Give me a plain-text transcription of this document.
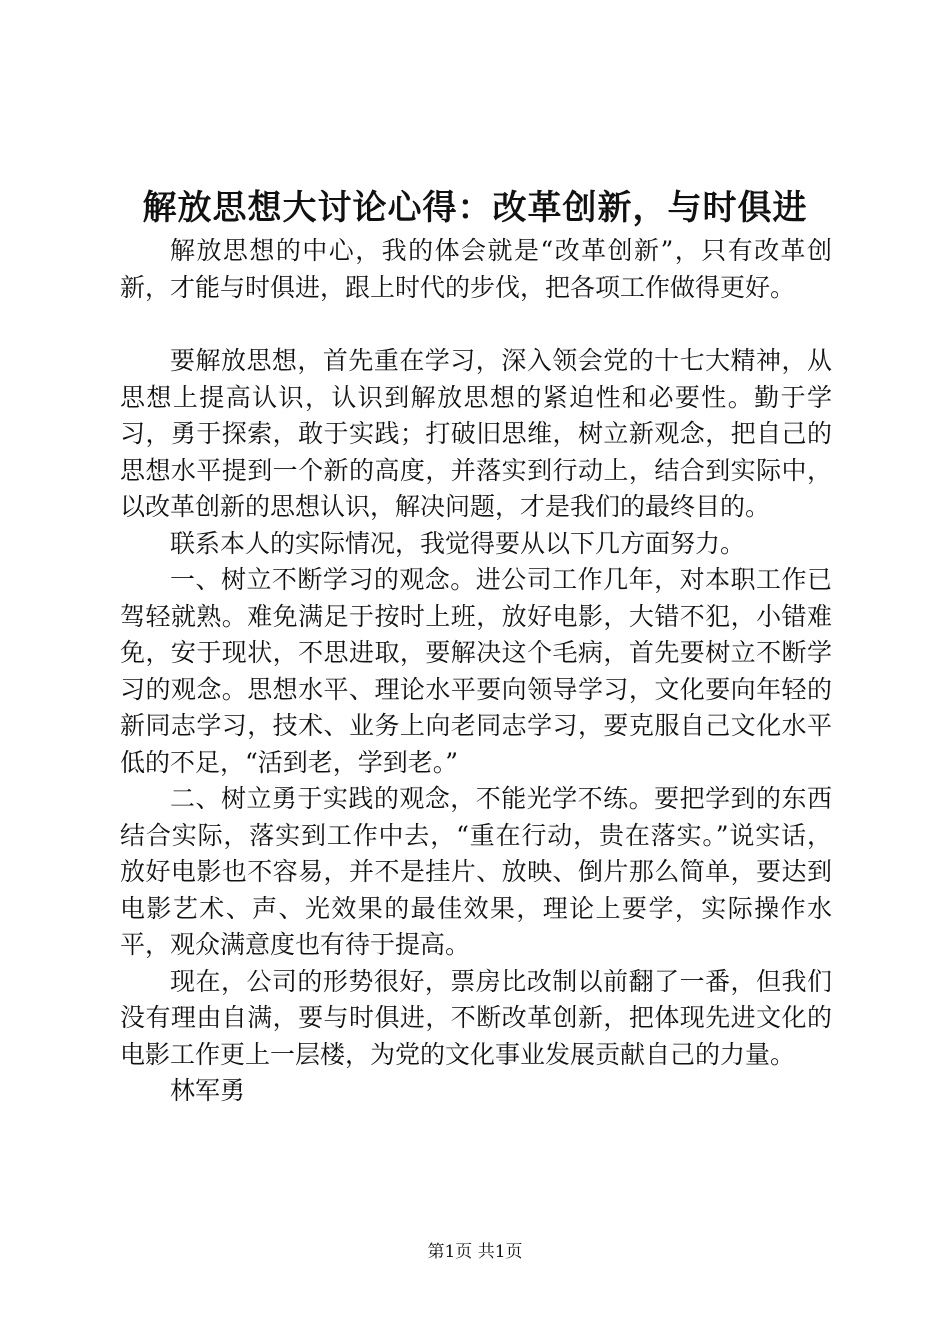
解放思想大讨论心得：改革创新，与时俱进

解放思想的中心，我的体会就是“改革创新”，只有改革创新，才能与时俱进，跟上时代的步伐，把各项工作做得更好。

要解放思想，首先重在学习，深入领会党的十七大精神，从思想上提高认识，认识到解放思想的紧迫性和必要性。勤于学习，勇于探索，敢于实践；打破旧思维，树立新观念，把自己的思想水平提到一个新的高度，并落实到行动上，结合到实际中，以改革创新的思想认识，解决问题，才是我们的最终目的。

联系本人的实际情况，我觉得要从以下几方面努力。

一、树立不断学习的观念。进公司工作几年，对本职工作已驾轻就熟。难免满足于按时上班，放好电影，大错不犯，小错难免，安于现状，不思进取，要解决这个毛病，首先要树立不断学习的观念。思想水平、理论水平要向领导学习，文化要向年轻的新同志学习，技术、业务上向老同志学习，要克服自己文化水平低的不足，“活到老，学到老。”

二、树立勇于实践的观念，不能光学不练。要把学到的东西结合实际，落实到工作中去，“重在行动，贵在落实。”说实话，放好电影也不容易，并不是挂片、放映、倒片那么简单，要达到电影艺术、声、光效果的最佳效果，理论上要学，实际操作水平，观众满意度也有待于提高。

现在，公司的形势很好，票房比改制以前翻了一番，但我们没有理由自满，要与时俱进，不断改革创新，把体现先进文化的电影工作更上一层楼，为党的文化事业发展贡献自己的力量。

林军勇

第1页 共1页
